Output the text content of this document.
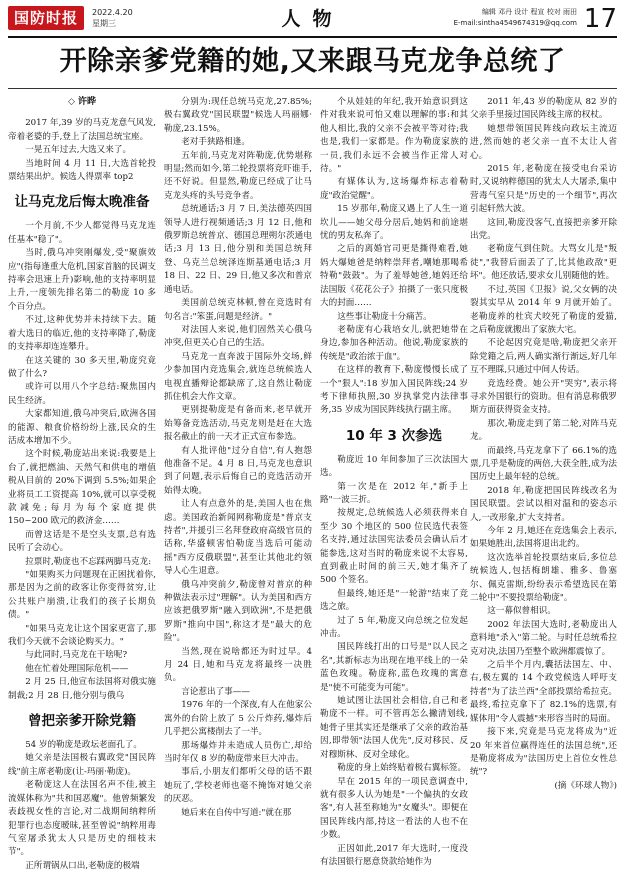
国防时报	2022.4.20
星期三	人物	编辑 邓丹 设计 程宣 校对 雨田
E-mail:sintha4549674319@qq.com 17
开除亲爹党籍的她,又来跟马克龙争总统了
◇ 许晔

2017 年,39 岁的马克龙意气风发,帝着老婆的手,登上了法国总统宝座。

一晃五年过去,大选又来了。

当地时间 4 月 11 日,大选首轮投票结果出炉。候选人得票率 top2

让马克龙后悔太晚准备

一个月前,不少人都觉得马克龙连任基本"稳了"。

当时,俄乌冲突刚爆发,受"聚旗效应"(指每逢重大危机,国家首脑的民调支持率会迅速上升)影响,他的支持率明显上升,一度领先排名第二的勒庞 10 多个百分点。

不过,这种优势并未持续下去。随着大选日的临近,他的支持率降了,勒庞的支持率却连连攀升。

在这关键的 30 多天里,勒庞究竟做了什么?

或许可以用八个字总结:聚焦国内民生经济。

大家都知道,俄乌冲突后,欧洲各国的能源、粮食价格纷纷上涨,民众的生活成本增加不少。

这个时候,勒庞站出来说:我要是上台了,就把燃油、天然气和供电的增值税从目前的 20%下调到 5.5%;如果企业将员工工资提高 10%,就可以享受税款减免;每月为每个家庭提供 150~200 欧元的救济金……

而曾这话是不是空头支票,总有选民听了会动心。

拉票时,勒庞也不忘踩两脚马克龙:

"如果购买力问题现在正困扰着你,那是因为之前的政客让你变得贫穷,让公共账户崩溃,让我们的孩子长期负债。"

"如果马克龙让这个国家更富了,那我们今天就不会谈论购买力。"

与此同时,马克龙在干啥呢?

他在忙着处理国际危机——

2 月 25 日,他宣布法国将对俄实施制裁;2 月 28 日,他分别与俄乌

曾把亲爹开除党籍

54 岁的勒庞是政坛老面孔了。

她父亲是法国极右翼政党"国民阵线"前主席老勒庞(让-玛丽·勒庞)。

老勒庞这人在法国名声不佳,被主流媒体称为"共和国恶魔"。他曾频繁发表歧视女性的言论,对二战期间纳粹所犯罪行也态度暧昧,甚至曾说"纳粹用毒气室屠杀犹太人只是历史的细枝末节"。

正所谓锅从口出,老勒庞的极端

分别为:现任总统马克龙,27.85%;极右翼政党"国民联盟"候选人玛丽娜·勒庞,23.15%。

老对手狭路相逢。

五年前,马克龙对阵勒庞,优势堪称明显;然而如今,第二轮投票将竞吓谁手,还不好说。但显然,勒庞已经成了让马克龙头疼的头号竞争者。

总统通话;3 月 7 日,美法德英四国领导人进行视频通话;3 月 12 日,他和俄罗斯总统普京、德国总理朔尔茨通电话;3 月 13 日,他分别和美国总统拜登、乌克兰总统泽连斯基通电话;3 月 18 日、22 日、29 日,他又多次和普京通电话。

美国前总统克林顿,曾在竞选时有句名言:"笨蛋,问题是经济。"

对法国人来说,他们固然关心俄乌冲突,但更关心自己的生活。

马克龙一直奔波于国际外交场,鲜少参加国内竞选集会,就连总统候选人电视直播辩论都缺席了,这自然让勒庞抓住机会大作文章。

更别提勒庞是有备而来,老早就开始筹备竞选活动,马克龙则是赶在大选报名截止的前一天才正式宣布参选。

有人批评他"过分自信",有人抱怨他准备不足。4 月 8 日,马克龙也意识到了问题,表示后悔自己的竞选活动开始得太晚。

让人有点意外的是,美国人也在焦虑。美国政治新闻网称勒庞是"普京支持者",并援引三名拜登政府高级官员的话称,华盛顿害怕勒庞当选后可能动摇"西方反俄联盟",甚至让其他北约领导人心生退意。

俄乌冲突前夕,勒庞曾对普京的种种做法表示过"理解"。认为美国和西方应该把俄罗斯"融入到欧洲",不是把俄罗斯"推向中国",称这才是"最大的危险"。

当然,现在说啥都还为时过早。4 月 24 日,她和马克龙将最终一决胜负。

言论惹出了事——

1976 年的一个深夜,有人在他家公寓外的台阶上放了 5 公斤炸药,爆炸后几乎把公寓楼削去了一半。

那场爆炸并未造成人员伤亡,却给当时年仅 8 岁的勒庞带来巨大冲击。

事后,小朋友们都听父母的话不跟她玩了,学校老师也毫不掩饰对她父亲的厌恶。

她后来在自传中写道:"就在那

个从娃娃的年纪,我开始意识到这件对我来说可怕又难以理解的事:和其他人相比,我的父亲不会被平等对待;我也是,我们一家都是。作为勒庞家族的一员,我们永远不会被当作正常人对待。"

有媒体认为,这场爆炸标志着勒庞"政治觉醒"。

15 岁那年,勒庞又遇上了人生一道坎儿——她父母分居后,她妈和前途堪忧的男友私奔了。

之后的离婚官司更是撕得难看,她妈大爆她爸是纳粹崇拜者,嘲她那喝希特勒"鼓鼓"。为了羞辱她爸,她妈还给法国版《花花公子》拍摄了一张只度极大的封面……

这些事让勒庞十分痛苦。

老勒庞有心栽培女儿,就把她带在身边,参加各种活动。他说,勒庞家族的传统是"政治浓于血"。

在这样的教育下,勒庞慢慢长成了一个"狠人":18 岁加入国民阵线;24 岁考下律师执照,30 岁执掌党内法律事务,35 岁成为国民阵线执行副主席。

10 年 3 次参选

勒庞近 10 年间参加了三次法国大选。

第一次是在 2012 年,"新手上路"一波三折。

按规定,总统候选人必须获得来自至少 30 个地区的 500 位民选代表签名支持,通过法国宪法委员会确认后才能参选,这对当时的勒庞来说不太容易,直到截止时间的前三天,她才集齐了 500 个签名。

但最终,她还是"一轮游"结束了竞选之旅。

过了 5 年,勒庞又向总统之位发起冲击。

国民阵线打出的口号是"以人民之名",其新标志为出现在地平线上的一朵蓝色玫瑰。勒庞称,蓝色玫瑰的寓意是"使不可能变为可能"。

她试图让法国社会相信,自己和老勒庞不一样。可不管再怎么撇清划线,她骨子里其实还是继承了父亲的政治基因,即带领"法国人优先",反对移民、反对穆斯林、反对全球化。

勒庞的身上始终贴着极右翼标签。

早在 2015 年的一项民意调查中,就有很多人认为她是"一个偏执的女政客",有人甚至称她为"女魔头"。即便在国民阵线内部,持这一看法的人也不在少数。

正因如此,2017 年大选时,一度没有法国银行愿意贷款给她作为

2011 年,43 岁的勒庞从 82 岁的父亲手里接过国民阵线主席的权杖。

她想带领国民阵线向政坛主流迈进,然而她的老父亲一直不太让人省心。

2015 年,老勒庞在接受电台采访时,又说纳粹德国的犹太人大屠杀,集中营毒气室只是"历史的一个细节",再次引起轩然大波。

这回,勒庞没客气,直接把亲爹开除出党。

老勒庞气到住院。大骂女儿是"叛徒","我替后面丢了了,比其他政敌"更坏"。他还放话,要求女儿别随他的姓。

不过,英国《卫报》说,父女俩的决裂其实早从 2014 年 9 月就开始了。老勒庞养的杜宾犬咬死了勒庞的爱猫,之后勒庞就搬出了家族大宅。

不论起因究竟是啥,勒庞把父亲开除党籍之后,两人确实渐行渐远,好几年互不理睬,只通过中间人传话。

竞选经费。她公开"哭穷",表示将寻求外国银行的资助。但有消息称俄罗斯方面获得资金支持。

那次,勒庞走到了第二轮,对阵马克龙。

而最终,马克龙拿下了 66.1%的选票,几乎是勒庞的两倍,大获全胜,成为法国历史上最年轻的总统。

2018 年,勒庞把国民阵线改名为国民联盟。尝试以相对温和的姿态示人,一改形象,扩大支持者。

今年 2 月,她还在竞选集会上表示,如果她胜出,法国将退出北约。

这次选举首轮投票结束后,多位总统候选人,包括梅朗雄、雅多、鲁塞尔、佩克雷斯,纷纷表示希望选民在第二轮中"不要投票给勒庞"。

这一幕似曾相识。

2002 年法国大选时,老勒庞出人意料地"杀入"第二轮。与时任总统希拉克对决,法国乃至整个欧洲都震惊了。

之后半个月内,囊括法国左、中、右,极左翼的 14 个政党候选人呼吁支持者"为了法兰西"全部投票给希拉克。最终,希拉克拿下了 82.1%的选票,有媒体用"令人震撼"来形容当时的局面。

接下来,究竟是马克龙将成为"近 20 年来首位赢得连任的法国总统",还是勒庞将成为"法国历史上首位女性总统"?

(摘《环球人物》)
